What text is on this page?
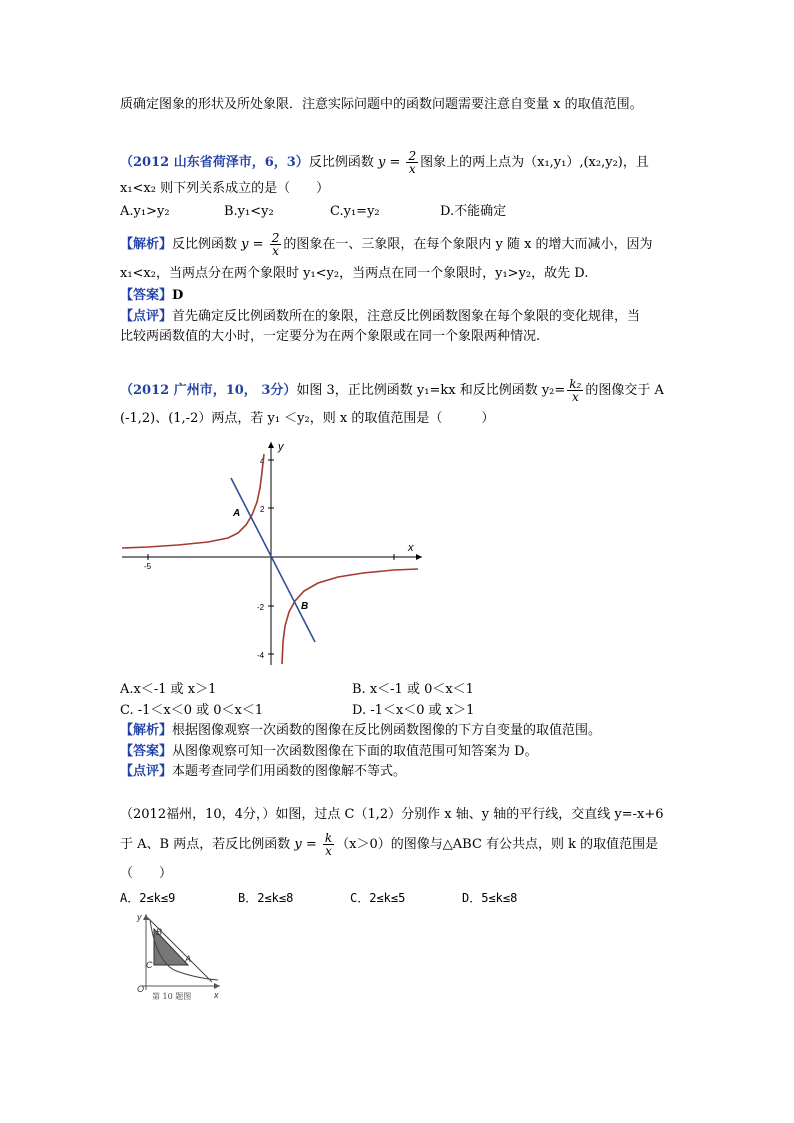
质确定图象的形状及所处象限．注意实际问题中的函数问题需要注意自变量 x 的取值范围。
（2012 山东省荷泽市，6，3）反比例函数 $y = \frac{2}{x}$ 图象上的两上点为（x₁,y₁）,(x₂,y₂)，且
x₁<x₂ 则下列关系成立的是（　　）
A.y₁>y₂	B.y₁<y₂	C.y₁=y₂	D.不能确定
【解析】反比例函数 $y = \frac{2}{x}$ 的图象在一、三象限，在每个象限内 y 随 x 的增大而减小，因为
x₁<x₂，当两点分在两个象限时 y₁<y₂，当两点在同一个象限时，y₁>y₂，故先 D.
【答案】D
【点评】首先确定反比例函数所在的象限，注意反比例函数图象在每个象限的变化规律，当
比较两函数值的大小时，一定要分为在两个象限或在同一个象限两种情况.
（2012 广州市，10， 3分）如图 3，正比例函数 y₁=kx 和反比例函数 $y_2= \frac{\text{k₂}}{x}$ 的图像交于 A
(-1,2)、(1,-2）两点，若 y₁ ＜y₂，则 x 的取值范围是（　　　）
x
y
4
2
-5
-2
-4
A
B
A.x＜-1 或 x＞1	B. x＜-1 或 0＜x＜1
C. -1＜x＜0 或 0＜x＜1	D. -1＜x＜0 或 x＞1
【解析】根据图像观察一次函数的图像在反比例函数图像的下方自变量的取值范围。
【答案】从图像观察可知一次函数图像在下面的取值范围可知答案为 D。
【点评】本题考查同学们用函数的图像解不等式。
（2012福州，10，4分，）如图，过点 C（1,2）分别作 x 轴、y 轴的平行线，交直线 y=-x+6
于 A、B 两点，若反比例函数 $y = \frac{k}{x} (x>0)$的图像与△ABC 有公共点，则 k 的取值范围是
（　　）
A．2≤k≤9	B．2≤k≤8	C．2≤k≤5	D．5≤k≤8
y
x
O
B
C
A
第 10 题图
